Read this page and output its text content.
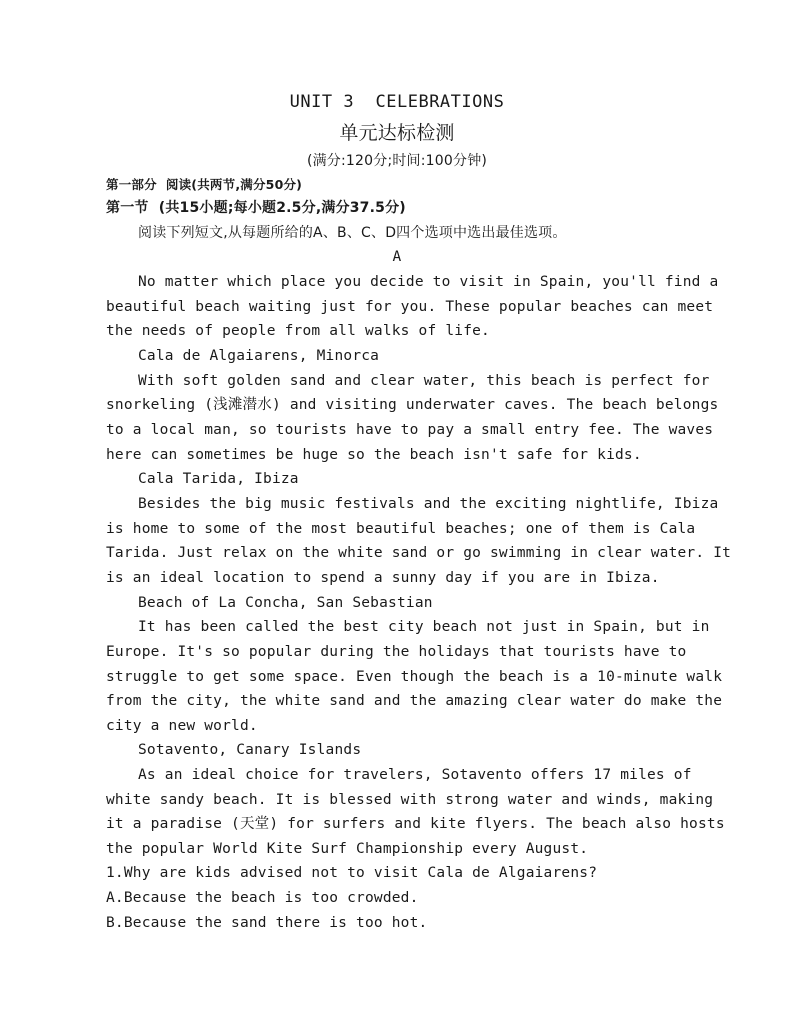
UNIT 3  CELEBRATIONS
单元达标检测
(满分:120分;时间:100分钟)
第一部分  阅读(共两节,满分50分)
第一节  (共15小题;每小题2.5分,满分37.5分)
阅读下列短文,从每题所给的A、B、C、D四个选项中选出最佳选项。
A
No matter which place you decide to visit in Spain, you'll find a
beautiful beach waiting just for you. These popular beaches can meet
the needs of people from all walks of life.
Cala de Algaiarens, Minorca
With soft golden sand and clear water, this beach is perfect for
snorkeling (浅滩潜水) and visiting underwater caves. The beach belongs
to a local man, so tourists have to pay a small entry fee. The waves
here can sometimes be huge so the beach isn't safe for kids.
Cala Tarida, Ibiza
Besides the big music festivals and the exciting nightlife, Ibiza
is home to some of the most beautiful beaches; one of them is Cala
Tarida. Just relax on the white sand or go swimming in clear water. It
is an ideal location to spend a sunny day if you are in Ibiza.
Beach of La Concha, San Sebastian
It has been called the best city beach not just in Spain, but in
Europe. It's so popular during the holidays that tourists have to
struggle to get some space. Even though the beach is a 10-minute walk
from the city, the white sand and the amazing clear water do make the
city a new world.
Sotavento, Canary Islands
As an ideal choice for travelers, Sotavento offers 17 miles of
white sandy beach. It is blessed with strong water and winds, making
it a paradise (天堂) for surfers and kite flyers. The beach also hosts
the popular World Kite Surf Championship every August.
1.Why are kids advised not to visit Cala de Algaiarens?
A.Because the beach is too crowded.
B.Because the sand there is too hot.
